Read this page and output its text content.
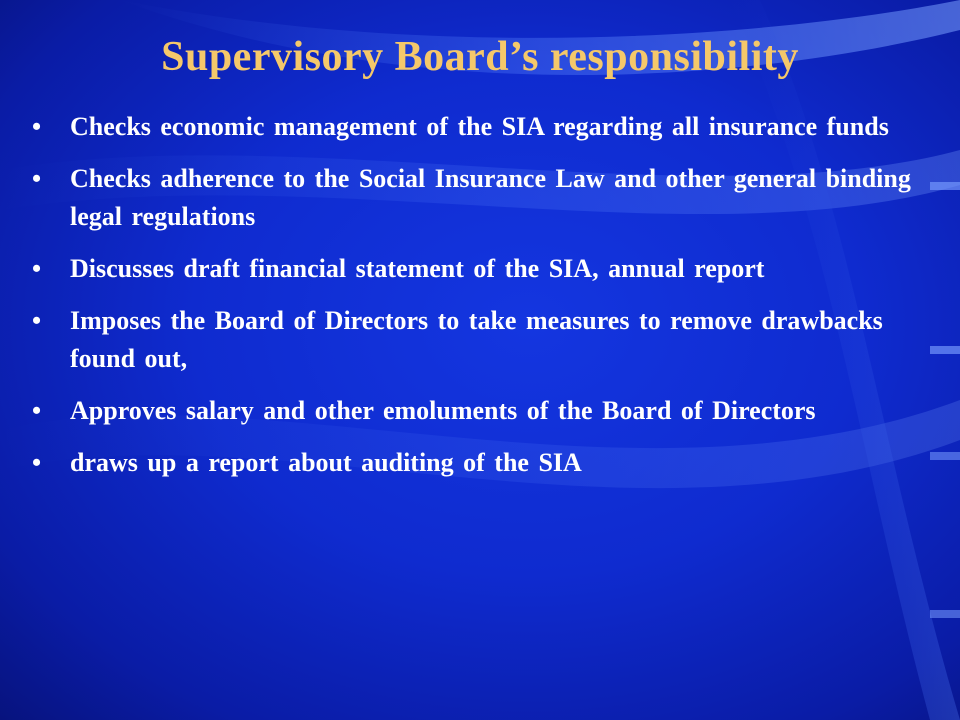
Supervisory Board’s responsibility
• Checks economic management of the SIA regarding all insurance funds
• Checks adherence to the Social Insurance Law and other general binding legal regulations
• Discusses draft financial statement of the SIA, annual report
• Imposes the Board of Directors to take measures to remove drawbacks found out,
• Approves salary and other emoluments of the Board of Directors
• draws up a report about auditing of the SIA
